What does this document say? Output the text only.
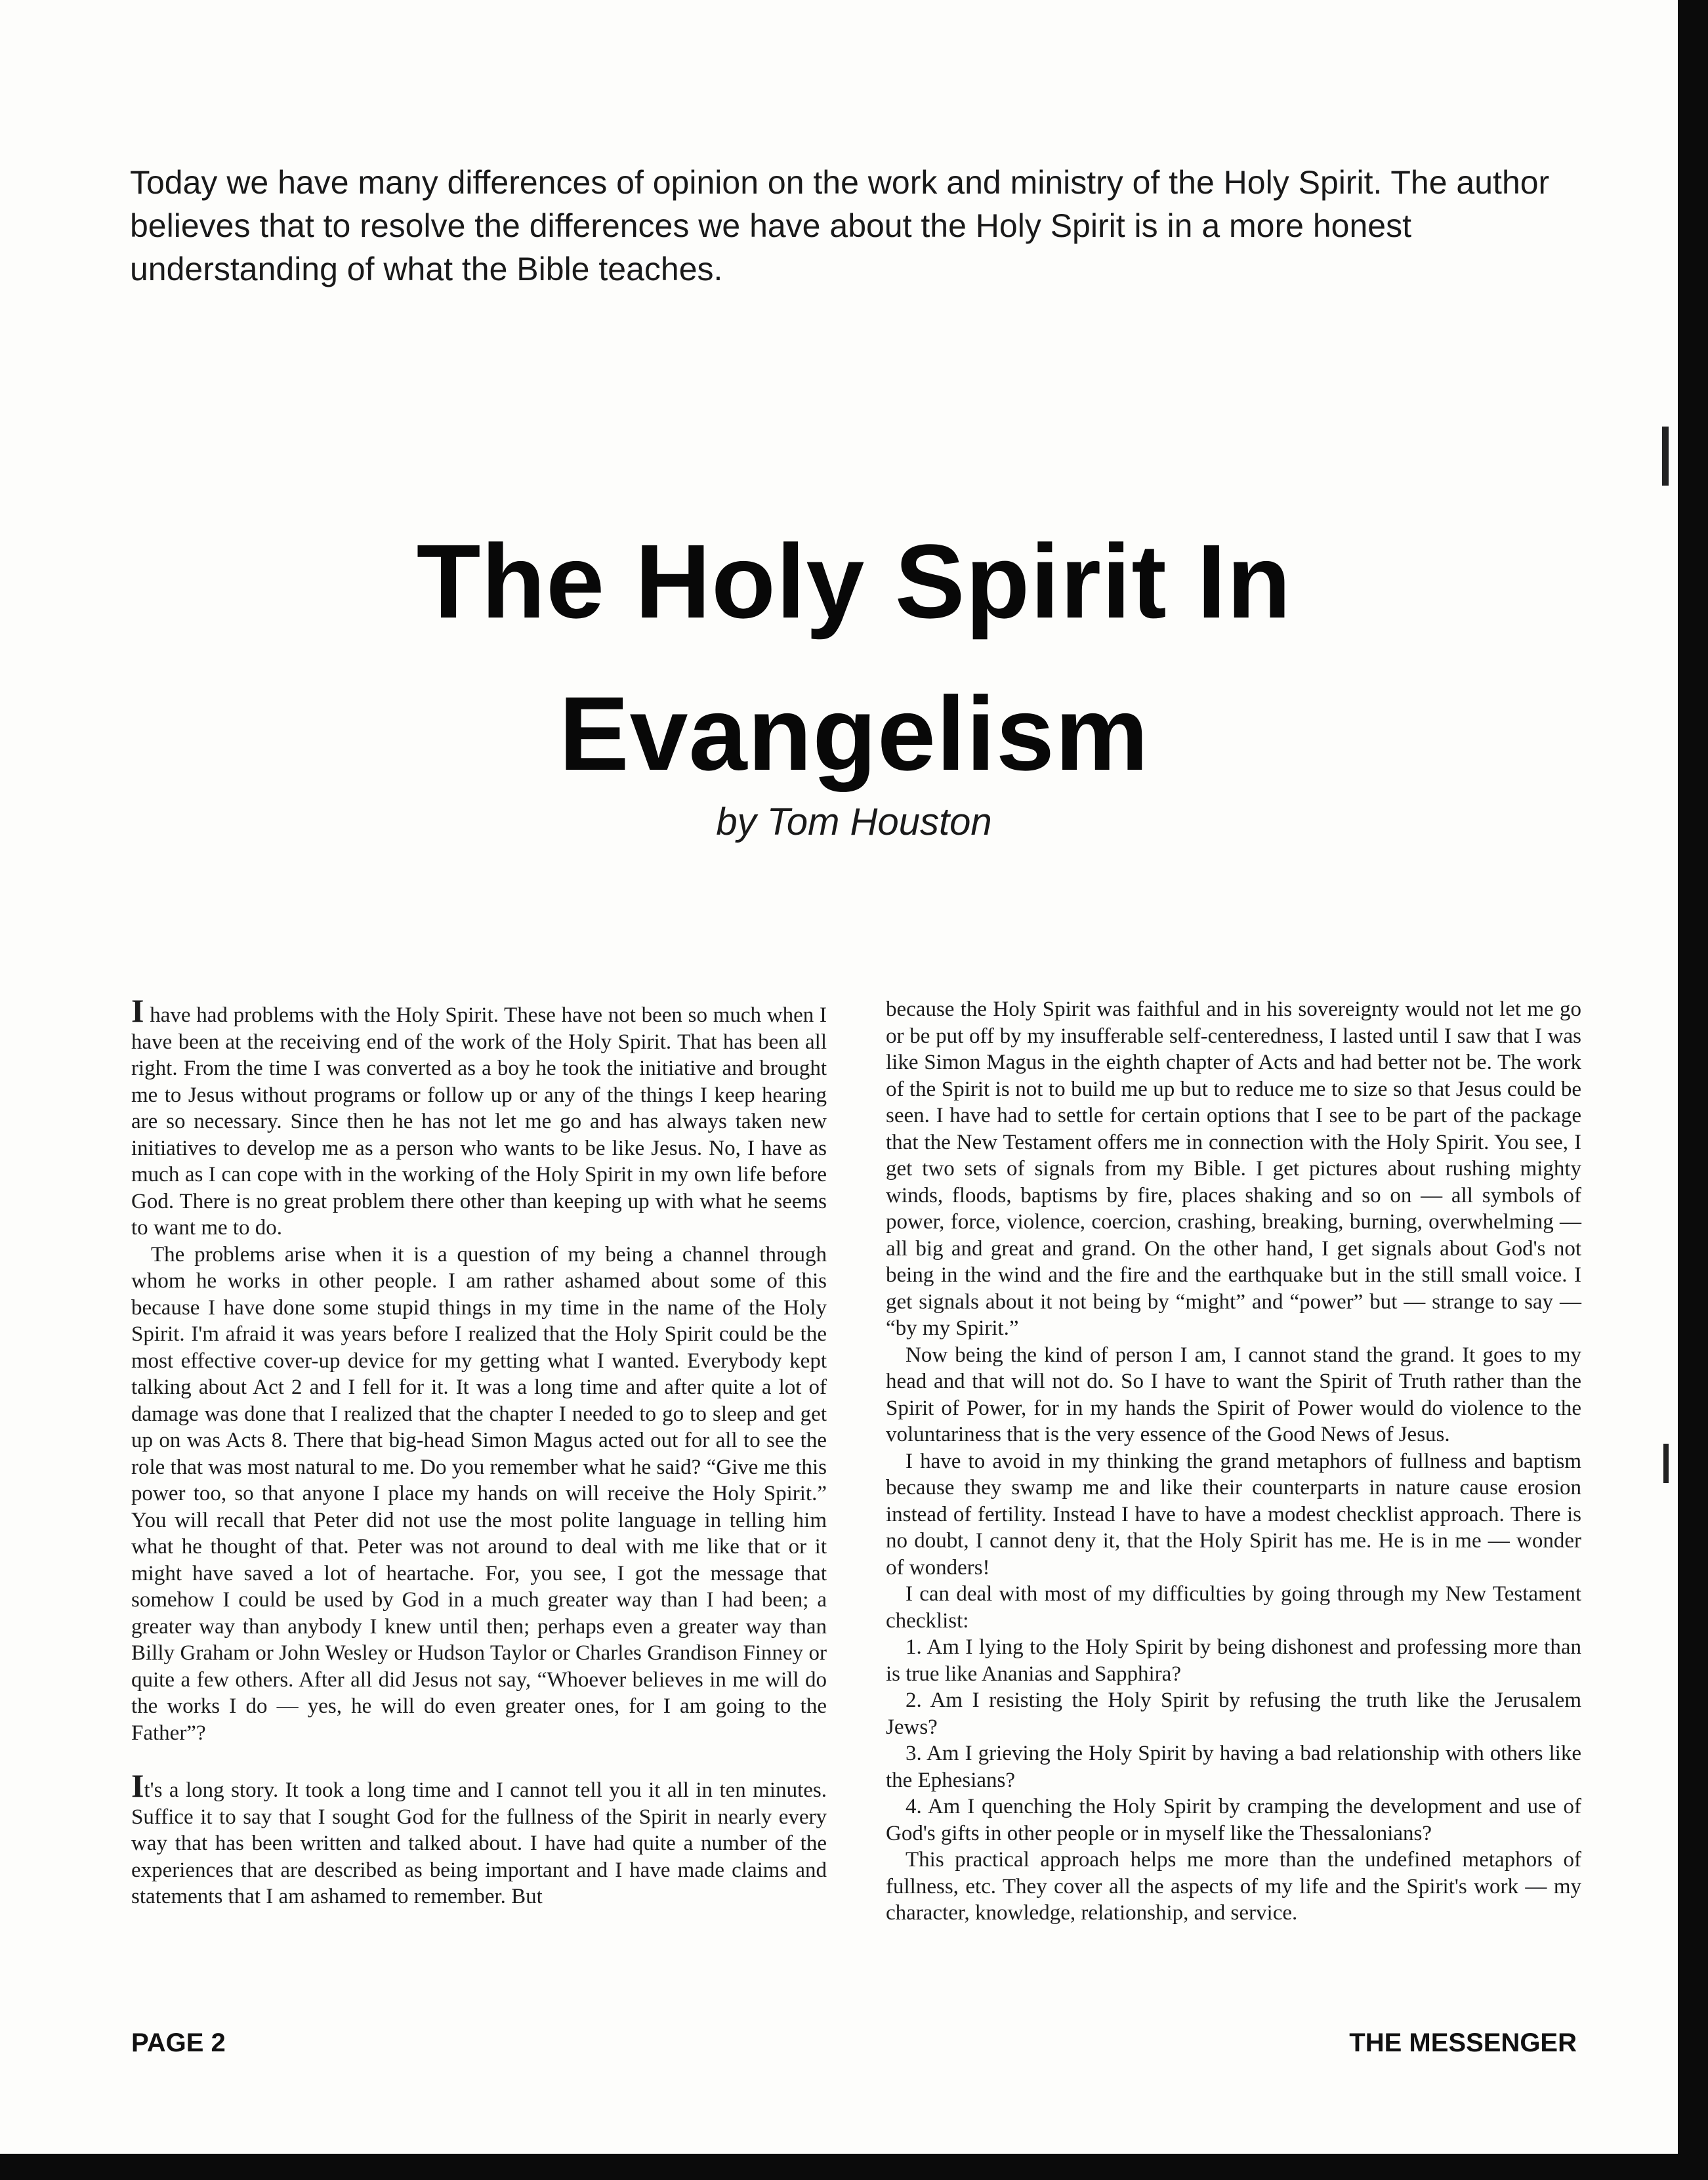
Today we have many differences of opinion on the work and ministry of the Holy Spirit. The author believes that to resolve the differences we have about the Holy Spirit is in a more honest understanding of what the Bible teaches.

The Holy Spirit In
Evangelism

by Tom Houston

I have had problems with the Holy Spirit. These have not been so much when I have been at the receiving end of the work of the Holy Spirit. That has been all right. From the time I was converted as a boy he took the initiative and brought me to Jesus without programs or follow up or any of the things I keep hearing are so necessary. Since then he has not let me go and has always taken new initiatives to develop me as a person who wants to be like Jesus. No, I have as much as I can cope with in the working of the Holy Spirit in my own life before God. There is no great problem there other than keeping up with what he seems to want me to do.

The problems arise when it is a question of my being a channel through whom he works in other people. I am rather ashamed about some of this because I have done some stupid things in my time in the name of the Holy Spirit. I'm afraid it was years before I realized that the Holy Spirit could be the most effective cover-up device for my getting what I wanted. Everybody kept talking about Act 2 and I fell for it. It was a long time and after quite a lot of damage was done that I realized that the chapter I needed to go to sleep and get up on was Acts 8. There that big-head Simon Magus acted out for all to see the role that was most natural to me. Do you remember what he said? “Give me this power too, so that anyone I place my hands on will receive the Holy Spirit.” You will recall that Peter did not use the most polite language in telling him what he thought of that. Peter was not around to deal with me like that or it might have saved a lot of heartache. For, you see, I got the message that somehow I could be used by God in a much greater way than I had been; a greater way than anybody I knew until then; perhaps even a greater way than Billy Graham or John Wesley or Hudson Taylor or Charles Grandison Finney or quite a few others. After all did Jesus not say, “Whoever believes in me will do the works I do — yes, he will do even greater ones, for I am going to the Father”?

It's a long story. It took a long time and I cannot tell you it all in ten minutes. Suffice it to say that I sought God for the fullness of the Spirit in nearly every way that has been written and talked about. I have had quite a number of the experiences that are described as being important and I have made claims and statements that I am ashamed to remember. But

because the Holy Spirit was faithful and in his sovereignty would not let me go or be put off by my insufferable self-centeredness, I lasted until I saw that I was like Simon Magus in the eighth chapter of Acts and had better not be. The work of the Spirit is not to build me up but to reduce me to size so that Jesus could be seen. I have had to settle for certain options that I see to be part of the package that the New Testament offers me in connection with the Holy Spirit. You see, I get two sets of signals from my Bible. I get pictures about rushing mighty winds, floods, baptisms by fire, places shaking and so on — all symbols of power, force, violence, coercion, crashing, breaking, burning, overwhelming — all big and great and grand. On the other hand, I get signals about God's not being in the wind and the fire and the earthquake but in the still small voice. I get signals about it not being by “might” and “power” but — strange to say — “by my Spirit.”

Now being the kind of person I am, I cannot stand the grand. It goes to my head and that will not do. So I have to want the Spirit of Truth rather than the Spirit of Power, for in my hands the Spirit of Power would do violence to the voluntariness that is the very essence of the Good News of Jesus.

I have to avoid in my thinking the grand metaphors of fullness and baptism because they swamp me and like their counterparts in nature cause erosion instead of fertility. Instead I have to have a modest checklist approach. There is no doubt, I cannot deny it, that the Holy Spirit has me. He is in me — wonder of wonders!

I can deal with most of my difficulties by going through my New Testament checklist:

1. Am I lying to the Holy Spirit by being dishonest and professing more than is true like Ananias and Sapphira?

2. Am I resisting the Holy Spirit by refusing the truth like the Jerusalem Jews?

3. Am I grieving the Holy Spirit by having a bad relationship with others like the Ephesians?

4. Am I quenching the Holy Spirit by cramping the development and use of God's gifts in other people or in myself like the Thessalonians?

This practical approach helps me more than the undefined metaphors of fullness, etc. They cover all the aspects of my life and the Spirit's work — my character, knowledge, relationship, and service.

PAGE 2	THE MESSENGER
